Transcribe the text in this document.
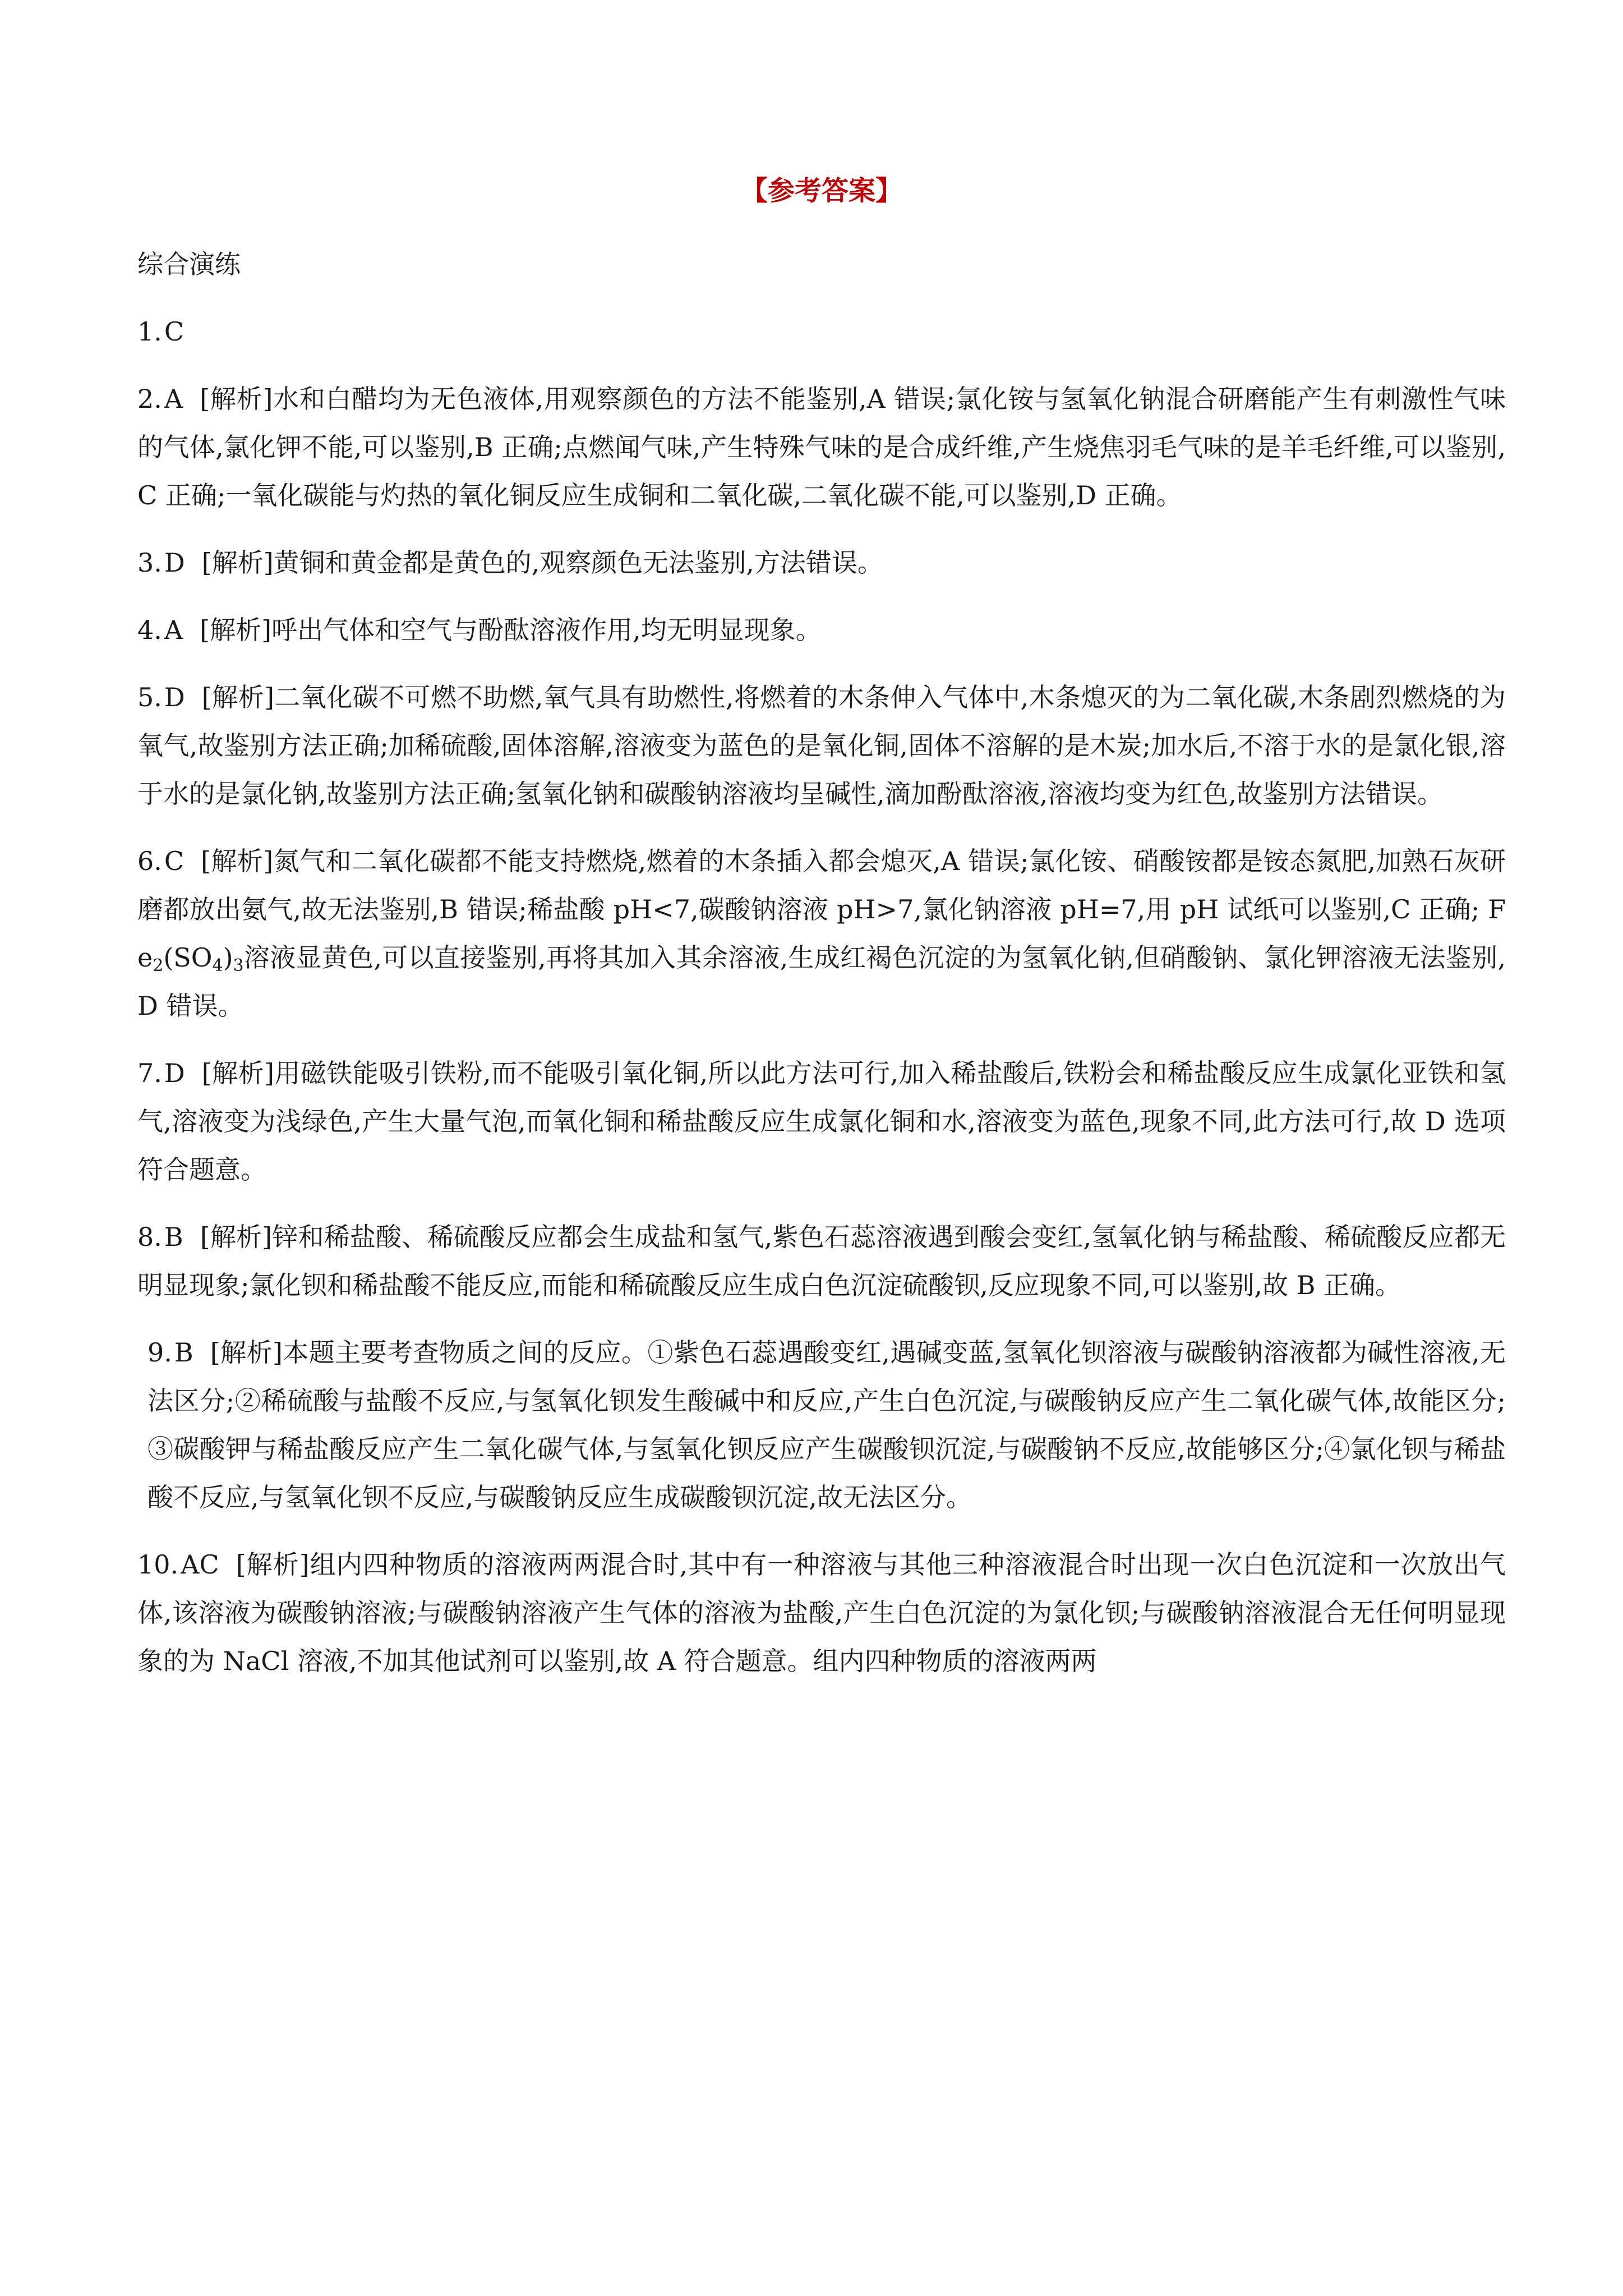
【参考答案】
综合演练
1.C
2.A [解析]水和白醋均为无色液体,用观察颜色的方法不能鉴别,A 错误;氯化铵与氢氧化钠混合研磨能产生有刺激性气味的气体,氯化钾不能,可以鉴别,B 正确;点燃闻气味,产生特殊气味的是合成纤维,产生烧焦羽毛气味的是羊毛纤维,可以鉴别,C 正确;一氧化碳能与灼热的氧化铜反应生成铜和二氧化碳,二氧化碳不能,可以鉴别,D 正确。
3.D [解析]黄铜和黄金都是黄色的,观察颜色无法鉴别,方法错误。
4.A [解析]呼出气体和空气与酚酞溶液作用,均无明显现象。
5.D [解析]二氧化碳不可燃不助燃,氧气具有助燃性,将燃着的木条伸入气体中,木条熄灭的为二氧化碳,木条剧烈燃烧的为氧气,故鉴别方法正确;加稀硫酸,固体溶解,溶液变为蓝色的是氧化铜,固体不溶解的是木炭;加水后,不溶于水的是氯化银,溶于水的是氯化钠,故鉴别方法正确;氢氧化钠和碳酸钠溶液均呈碱性,滴加酚酞溶液,溶液均变为红色,故鉴别方法错误。
6.C [解析]氮气和二氧化碳都不能支持燃烧,燃着的木条插入都会熄灭,A 错误;氯化铵、硝酸铵都是铵态氮肥,加熟石灰研磨都放出氨气,故无法鉴别,B 错误;稀盐酸 pH<7,碳酸钠溶液 pH>7,氯化钠溶液 pH=7,用 pH 试纸可以鉴别,C 正确; $Fe_2(SO_4)_3$溶液显黄色,可以直接鉴别,再将其加入其余溶液,生成红褐色沉淀的为氢氧化钠,但硝酸钠、氯化钾溶液无法鉴别,D 错误。
7.D [解析]用磁铁能吸引铁粉,而不能吸引氧化铜,所以此方法可行,加入稀盐酸后,铁粉会和稀盐酸反应生成氯化亚铁和氢气,溶液变为浅绿色,产生大量气泡,而氧化铜和稀盐酸反应生成氯化铜和水,溶液变为蓝色,现象不同,此方法可行,故 D 选项符合题意。
8.B [解析]锌和稀盐酸、稀硫酸反应都会生成盐和氢气,紫色石蕊溶液遇到酸会变红,氢氧化钠与稀盐酸、稀硫酸反应都无明显现象;氯化钡和稀盐酸不能反应,而能和稀硫酸反应生成白色沉淀硫酸钡,反应现象不同,可以鉴别,故 B 正确。
9.B [解析]本题主要考查物质之间的反应。①紫色石蕊遇酸变红,遇碱变蓝,氢氧化钡溶液与碳酸钠溶液都为碱性溶液,无法区分;②稀硫酸与盐酸不反应,与氢氧化钡发生酸碱中和反应,产生白色沉淀,与碳酸钠反应产生二氧化碳气体,故能区分;③碳酸钾与稀盐酸反应产生二氧化碳气体,与氢氧化钡反应产生碳酸钡沉淀,与碳酸钠不反应,故能够区分;④氯化钡与稀盐酸不反应,与氢氧化钡不反应,与碳酸钠反应生成碳酸钡沉淀,故无法区分。
10.AC [解析]组内四种物质的溶液两两混合时,其中有一种溶液与其他三种溶液混合时出现一次白色沉淀和一次放出气体,该溶液为碳酸钠溶液;与碳酸钠溶液产生气体的溶液为盐酸,产生白色沉淀的为氯化钡;与碳酸钠溶液混合无任何明显现象的为 NaCl 溶液,不加其他试剂可以鉴别,故 A 符合题意。组内四种物质的溶液两两
